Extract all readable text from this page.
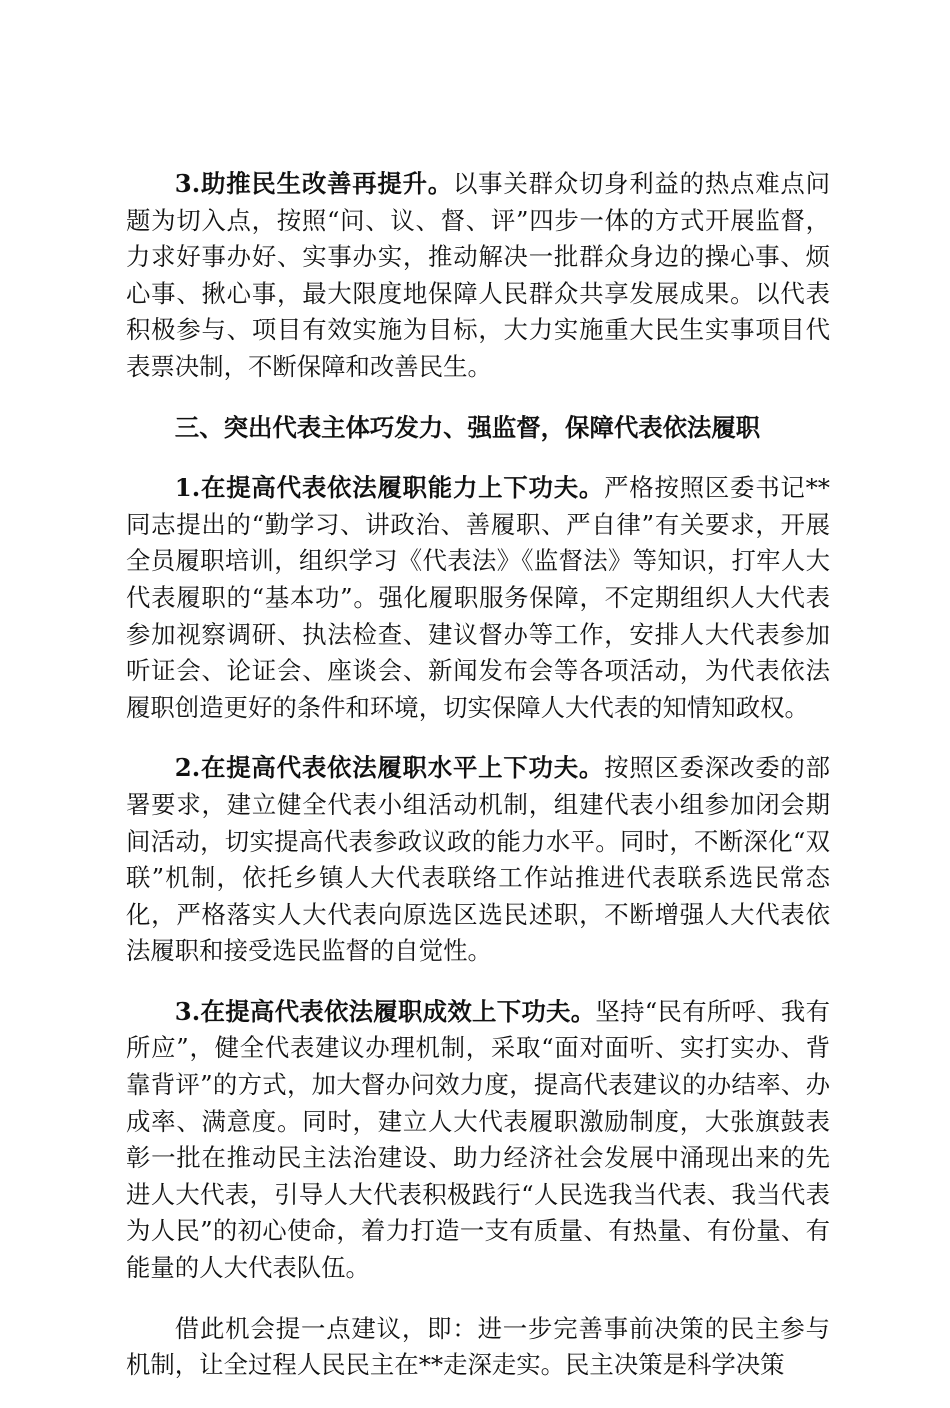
3.助推民生改善再提升。以事关群众切身利益的热点难点问题为切入点，按照“问、议、督、评”四步一体的方式开展监督，力求好事办好、实事办实，推动解决一批群众身边的操心事、烦心事、揪心事，最大限度地保障人民群众共享发展成果。以代表积极参与、项目有效实施为目标，大力实施重大民生实事项目代表票决制，不断保障和改善民生。

三、突出代表主体巧发力、强监督，保障代表依法履职

1.在提高代表依法履职能力上下功夫。严格按照区委书记**同志提出的“勤学习、讲政治、善履职、严自律”有关要求，开展全员履职培训，组织学习《代表法》《监督法》等知识，打牢人大代表履职的“基本功”。强化履职服务保障，不定期组织人大代表参加视察调研、执法检查、建议督办等工作，安排人大代表参加听证会、论证会、座谈会、新闻发布会等各项活动，为代表依法履职创造更好的条件和环境，切实保障人大代表的知情知政权。

2.在提高代表依法履职水平上下功夫。按照区委深改委的部署要求，建立健全代表小组活动机制，组建代表小组参加闭会期间活动，切实提高代表参政议政的能力水平。同时，不断深化“双联”机制，依托乡镇人大代表联络工作站推进代表联系选民常态化，严格落实人大代表向原选区选民述职，不断增强人大代表依法履职和接受选民监督的自觉性。

3.在提高代表依法履职成效上下功夫。坚持“民有所呼、我有所应”，健全代表建议办理机制，采取“面对面听、实打实办、背靠背评”的方式，加大督办问效力度，提高代表建议的办结率、办成率、满意度。同时，建立人大代表履职激励制度，大张旗鼓表彰一批在推动民主法治建设、助力经济社会发展中涌现出来的先进人大代表，引导人大代表积极践行“人民选我当代表、我当代表为人民”的初心使命，着力打造一支有质量、有热量、有份量、有能量的人大代表队伍。

借此机会提一点建议，即：进一步完善事前决策的民主参与机制，让全过程人民民主在**走深走实。民主决策是科学决策
